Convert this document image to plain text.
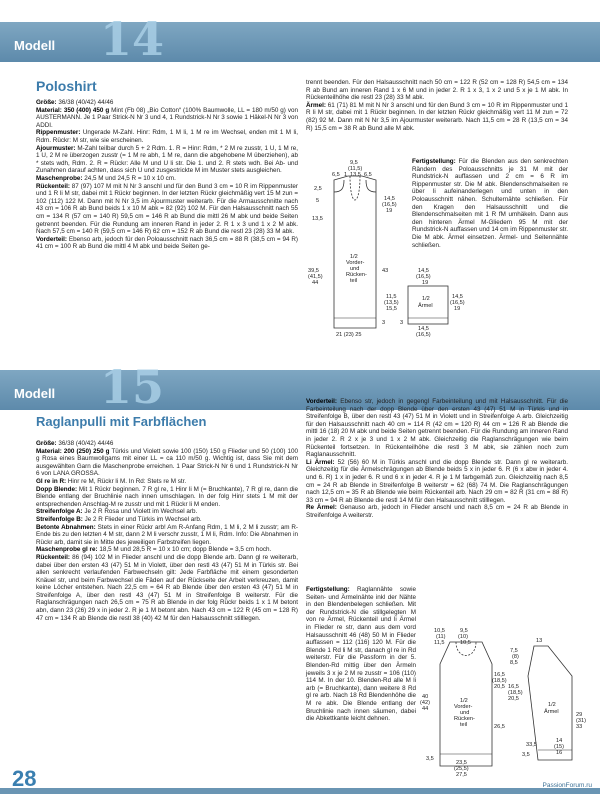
Modell 14
Poloshirt

Größe: 36/38 (40/42) 44/46

Material: 350 (400) 450 g Mint (Fb 08) „Bio Cotton“ (100% Baumwolle, LL = 180 m/50 g) von AUSTERMANN. Je 1 Paar Strick-N Nr 3 und 4, 1 Rundstrick-N Nr 3 sowie 1 Häkel-N Nr 3 von ADDI.

Rippenmuster: Ungerade M-Zahl. Hinr: Rdm, 1 M li, 1 M re im Wechsel, enden mit 1 M li, Rdm. Rückr: M str, wie sie erscheinen.

Ajourmuster: M-Zahl teilbar durch 5 + 2 Rdm. 1. R = Hinr: Rdm, * 2 M re zusstr, 1 U, 1 M re, 1 U, 2 M re überzogen zusstr (= 1 M re abh, 1 M re, dann die abgehobene M überziehen), ab * stets wdh, Rdm. 2. R = Rückr: Alle M und U li str. Die 1. und 2. R stets wdh. Bei Ab- und Zunahmen darauf achten, dass sich U und zusgestrickte M im Muster stets ausgleichen.

Maschenprobe: 24,5 M und 24,5 R = 10 x 10 cm.

Rückenteil: 87 (97) 107 M mit N Nr 3 anschl und für den Bund 3 cm = 10 R im Rippenmuster und 1 R li M str, dabei mit 1 Rückr beginnen. In der letzten Rückr gleichmäßig vert 15 M zun = 102 (112) 122 M. Dann mit N Nr 3,5 im Ajourmuster weiterarb. Für die Armausschnitte nach 43 cm = 106 R ab Bund beids 1 x 10 M abk = 82 (92) 102 M. Für den Halsausschnitt nach 55 cm = 134 R (57 cm = 140 R) 59,5 cm = 146 R ab Bund die mittl 26 M abk und beide Seiten getrennt beenden. Für die Rundung am inneren Rand in jeder 2. R 1 x 3 und 1 x 2 M abk. Nach 57,5 cm = 140 R (59,5 cm = 146 R) 62 cm = 152 R ab Bund die restl 23 (28) 33 M abk.

Vorderteil: Ebenso arb, jedoch für den Poloausschnitt nach 36,5 cm = 88 R (38,5 cm = 94 R) 41 cm = 100 R ab Bund die mittl 4 M abk und beide Seiten ge-

trennt beenden. Für den Halsausschnitt nach 50 cm = 122 R (52 cm = 128 R) 54,5 cm = 134 R ab Bund am inneren Rand 1 x 6 M und in jeder 2. R 1 x 3, 1 x 2 und 5 x je 1 M abk. In Rückenteilhöhe die restl 23 (28) 33 M abk.

Ärmel: 61 (71) 81 M mit N Nr 3 anschl und für den Bund 3 cm = 10 R im Rippenmuster und 1 R li M str, dabei mit 1 Rückr beginnen. In der letzten Rückr gleichmäßig vert 11 M zun = 72 (82) 92 M. Dann mit N Nr 3,5 im Ajourmuster weiterarb. Nach 11,5 cm = 28 R (13,5 cm = 34 R) 15,5 cm = 38 R ab Bund alle M abk.

Fertigstellung: Für die Blenden aus den senkrechten Rändern des Poloausschnitts je 31 M mit der Rundstrick-N auffassen und 2 cm = 6 R im Rippenmuster str. Die M abk. Blendenschmalseiten re über li aufeinanderlegen und unten in den Poloausschnitt nähen. Schulternähte schließen. Für den Kragen den Halsausschnitt und die Blendenschmalseiten mit 1 R fM umhäkeln. Dann aus den hinteren Ärmel M-Gliedern 95 M mit der Rundstrick-N auffassen und 14 cm im Rippenmuster str. Die M abk. Ärmel einsetzen. Ärmel- und Seitennähte schließen.

9,5
(11,5)
13,5
6,5 1	6,5
2,5
5
13,5
14,5
(16,5)
19
39,5
(41,5)
44
43
1/2
Vorder-
und
Rücken-
teil
3
21 (23) 25
14,5
(16,5)
19
11,5
(13,5)
15,5
14,5
(16,5)
19
1/2
Ärmel
3
14,5
(16,5)
Modell 15
Raglanpulli mit Farbflächen

Größe: 36/38 (40/42) 44/46

Material: 200 (250) 250 g Türkis und Violett sowie 100 (150) 150 g Flieder und 50 (100) 100 g Rosa eines Baumwollgams mit einer LL = ca 110 m/50 g. Wichtig ist, dass Sie mit dem ausgewählten Garn die Maschenprobe erreichen. 1 Paar Strick-N Nr 6 und 1 Rundstrick-N Nr 6 von LANA GROSSA.

Gl re in R: Hinr re M, Rückr li M. In Rd: Stets re M str.

Dopp Blende: Mit 1 Rückr beginnen. 7 R gl re, 1 Hinr li M (= Bruchkante), 7 R gl re, dann die Blende entlang der Bruchlinie nach innen umschlagen. In der folg Hinr stets 1 M mit der entsprechenden Anschlag-M re zusstr und mit 1 Rückr li M enden.

Streifenfolge A: Je 2 R Rosa und Violett im Wechsel arb.

Streifenfolge B: Je 2 R Flieder und Türkis im Wechsel arb.

Betonte Abnahmen: Stets in einer Rückr arb! Am R-Anfang Rdm, 1 M li, 2 M li zusstr; am R-Ende bis zu den letzten 4 M str, dann 2 M li verschr zusstr, 1 M li, Rdm. Info: Die Abnahmen in Rückr arb, damit sie in Mitte des jeweiligen Farbstreifen liegen.

Maschenprobe gl re: 18,5 M und 28,5 R = 10 x 10 cm; dopp Blende = 3,5 cm hoch.

Rückenteil: 86 (94) 102 M in Flieder anschl und die dopp Blende arb. Dann gl re weiterarb, dabei über den ersten 43 (47) 51 M in Violett, über den restl 43 (47) 51 M in Türkis str. Bei allen senkrecht verlaufenden Farbwechseln gilt: Jede Farbfläche mit einem gesonderten Knäuel str, und beim Farbwechsel die Fäden auf der Rückseite der Arbeit verkreuzen, damit keine Löcher entstehen. Nach 22,5 cm = 64 R ab Blende über den ersten 43 (47) 51 M in Streifenfolge A, über den restl 43 (47) 51 M in Streifenfolge B weiterstr. Für die Raglanschrägungen nach 26,5 cm = 75 R ab Blende in der folg Rückr beids 1 x 1 M betont abn, dann 23 (26) 29 x in jeder 2. R je 1 M betont abn. Nach 43 cm = 122 R (45 cm = 128 R) 47 cm = 134 R ab Blende die restl 38 (40) 42 M für den Halsausschnitt stilllegen.

Vorderteil: Ebenso str, jedoch in gegengl Farbeinteilung und mit Halsausschnitt. Für die Farbeinteilung nach der dopp Blende über den ersten 43 (47) 51 M in Türkis und in Streifenfolge B, über den restl 43 (47) 51 M in Violett und in Streifenfolge A arb. Gleichzeitig für den Halsausschnitt nach 40 cm = 114 R (42 cm = 120 R) 44 cm = 126 R ab Blende die mittl 16 (18) 20 M abk und beide Seiten getrennt beenden. Für die Rundung am inneren Rand in jeder 2. R 2 x je 3 und 1 x 2 M abk. Gleichzeitig die Raglanschrägungen wie beim Rückenteil fortsetzen. In Rückenteilhöhe die restl 3 M abk, sie zählen noch zum Raglanausschnitt.

Li Ärmel: 52 (56) 60 M in Türkis anschl und die dopp Blende str. Dann gl re weiterarb. Gleichzeitig für die Ärmelschrägungen ab Blende beids 5 x in jeder 6. R (6 x abw in jeder 4. und 6. R) 1 x in jeder 6. R und 6 x in jeder 4. R je 1 M farbgemäß zun. Gleichzeitig nach 8,5 cm = 24 R ab Blende in Streifenfolge B weiterstr = 62 (68) 74 M. Die Raglanschrägungen nach 12,5 cm = 35 R ab Blende wie beim Rückenteil arb. Nach 29 cm = 82 R (31 cm = 88 R) 33 cm = 94 R ab Blende die restl 14 M für den Halsausschnitt stilllegen.

Re Ärmel: Genauso arb, jedoch in Flieder anschl und nach 8,5 cm = 24 R ab Blende in Streifenfolge A weiterstr.

Fertigstellung: Raglannähte sowie Seiten- und Ärmelnähte inkl der Nähte in den Blendenbelegen schließen. Mit der Rundstrick-N die stillgelegten M von re Ärmel, Rückenteil und li Ärmel in Flieder re str, dann aus dem vord Halsausschnitt 46 (48) 50 M in Flieder auffassen = 112 (116) 120 M. Für die Blende 1 Rd li M str, danach gl re in Rd weiterstr. Für die Passform in der 5. Blenden-Rd mittig über den Ärmeln jeweils 3 x je 2 M re zusstr = 106 (110) 114 M. In der 10. Blenden-Rd alle M li arb (= Bruchkante), dann weitere 8 Rd gl re arb. Nach 18 Rd Blendenhöhe die M re abk. Die Blende entlang der Bruchlinie nach innen säumen, dabei die Abkettkante leicht dehnen.

10,5
(11)
11,5
9,5
(10)
10,5
40
(42)
44
16,5
(18,5)
20,5
26,5
1/2
Vorder-
und
Rücken-
teil
3,5
23,5
(25,5)
27,5
13
7,5
(8)
8,5
16,5
(18,5)
20,5
29
(31)
33
1/2
Ärmel
3,5
14
(15)
16
33,5
28	PassionForum.ru
